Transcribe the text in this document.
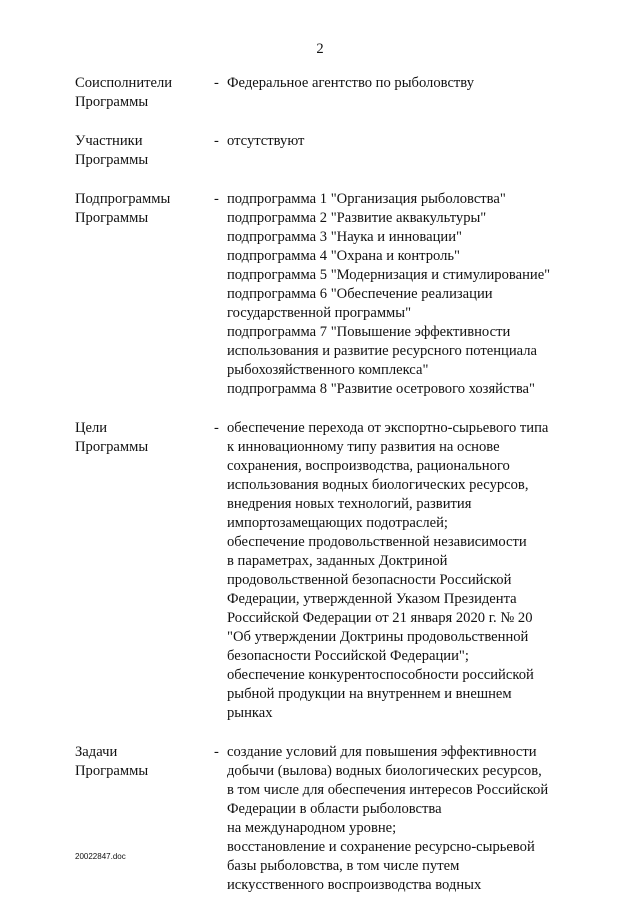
2
Соисполнители
Программы
- Федеральное агентство по рыболовству
Участники
Программы
- отсутствуют
Подпрограммы
Программы
- подпрограмма 1 "Организация рыболовства"
подпрограмма 2 "Развитие аквакультуры"
подпрограмма 3 "Наука и инновации"
подпрограмма 4 "Охрана и контроль"
подпрограмма 5 "Модернизация и стимулирование"
подпрограмма 6 "Обеспечение реализации
государственной программы"
подпрограмма 7 "Повышение эффективности
использования и развитие ресурсного потенциала
рыбохозяйственного комплекса"
подпрограмма 8 "Развитие осетрового хозяйства"
Цели
Программы
- обеспечение перехода от экспортно-сырьевого типа
к инновационному типу развития на основе
сохранения, воспроизводства, рационального
использования водных биологических ресурсов,
внедрения новых технологий, развития
импортозамещающих подотраслей;
обеспечение продовольственной независимости
в параметрах, заданных Доктриной
продовольственной безопасности Российской
Федерации, утвержденной Указом Президента
Российской Федерации от 21 января 2020 г. № 20
"Об утверждении Доктрины продовольственной
безопасности Российской Федерации";
обеспечение конкурентоспособности российской
рыбной продукции на внутреннем и внешнем
рынках
Задачи
Программы
- создание условий для повышения эффективности
добычи (вылова) водных биологических ресурсов,
в том числе для обеспечения интересов Российской
Федерации в области рыболовства
на международном уровне;
восстановление и сохранение ресурсно-сырьевой
базы рыболовства, в том числе путем
искусственного воспроизводства водных
20022847.doc
